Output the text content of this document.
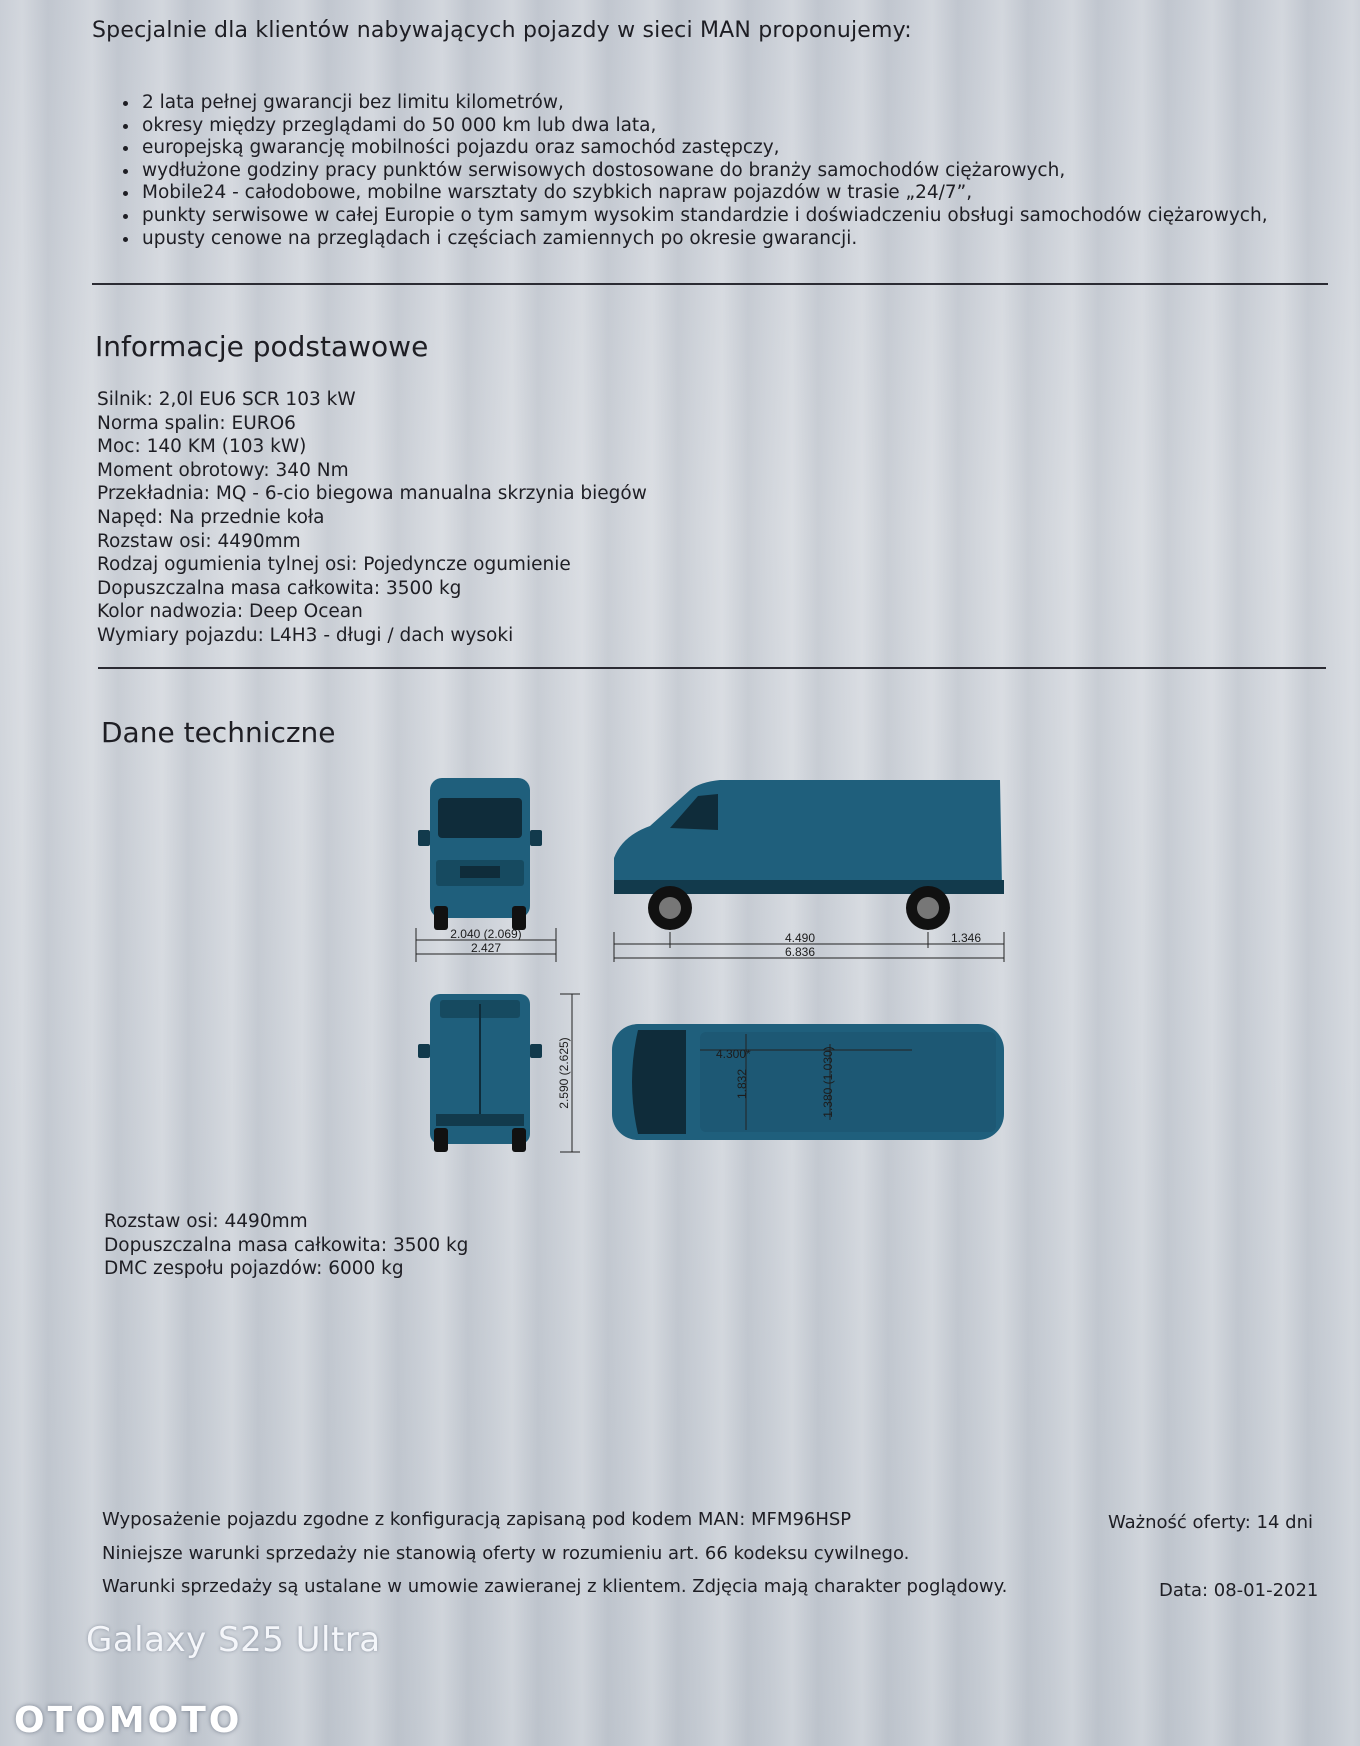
Specjalnie dla klientów nabywających pojazdy w sieci MAN proponujemy:
• 2 lata pełnej gwarancji bez limitu kilometrów,
• okresy między przeglądami do 50 000 km lub dwa lata,
• europejską gwarancję mobilności pojazdu oraz samochód zastępczy,
• wydłużone godziny pracy punktów serwisowych dostosowane do branży samochodów ciężarowych,
• Mobile24 - całodobowe, mobilne warsztaty do szybkich napraw pojazdów w trasie „24/7”,
• punkty serwisowe w całej Europie o tym samym wysokim standardzie i doświadczeniu obsługi samochodów ciężarowych,
• upusty cenowe na przeglądach i częściach zamiennych po okresie gwarancji.
Informacje podstawowe
Silnik: 2,0l EU6 SCR 103 kW
Norma spalin: EURO6
Moc: 140 KM (103 kW)
Moment obrotowy: 340 Nm
Przekładnia: MQ - 6-cio biegowa manualna skrzynia biegów
Napęd: Na przednie koła
Rozstaw osi: 4490mm
Rodzaj ogumienia tylnej osi: Pojedyncze ogumienie
Dopuszczalna masa całkowita: 3500 kg
Kolor nadwozia: Deep Ocean
Wymiary pojazdu: L4H3 - długi / dach wysoki
Dane techniczne
2.040 (2.069)
2.427
4.490
6.836
1.346
2.590 (2.625)	4.300*
1.832	1.380 (1.030)
Rozstaw osi: 4490mm
Dopuszczalna masa całkowita: 3500 kg
DMC zespołu pojazdów: 6000 kg
Wyposażenie pojazdu zgodne z konfiguracją zapisaną pod kodem MAN: MFM96HSP	Ważność oferty: 14 dni
Niniejsze warunki sprzedaży nie stanowią oferty w rozumieniu art. 66 kodeksu cywilnego.
Warunki sprzedaży są ustalane w umowie zawieranej z klientem. Zdjęcia mają charakter poglądowy.	Data: 08-01-2021
Galaxy S25 Ultra
OTOMOTO
